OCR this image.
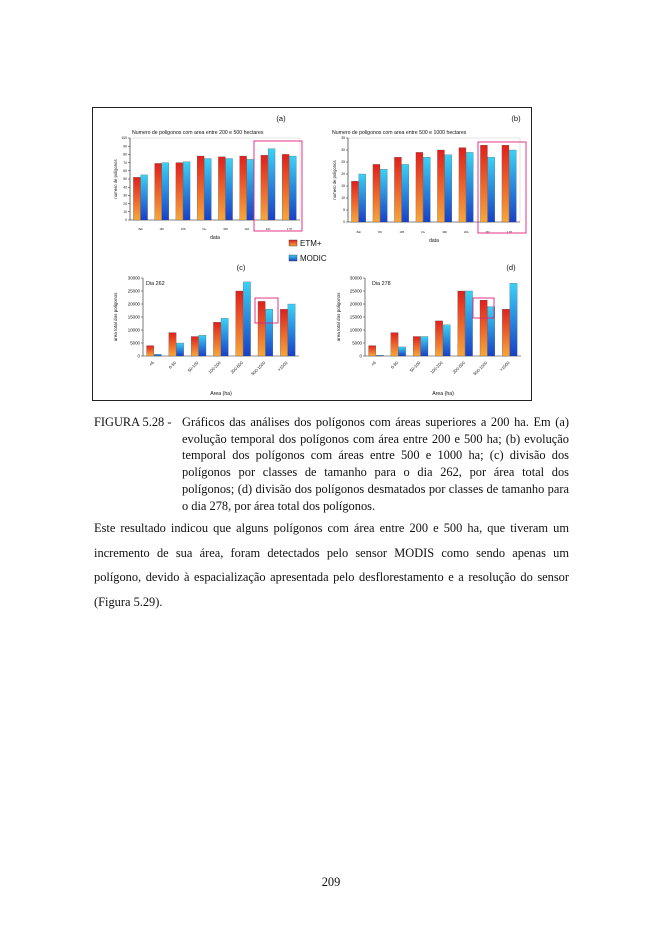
0
10
20
30
40
50
60
70
80
90
100
8ab	18C	1P8	31+	33D	29A	23C	2 78
Numero de poligonos com area entre 200 e 500 hectares
(a)
numero de poligonos
data
0
5
10
15
20
25
30
35
8ab	8IC	1P8	31+	33D	29A	23C	2 78
Numero de poligonos com area entre 500 e 1000 hectares
(b)
numero de poligonos
data
0
5000
10000
15000
20000
25000
30000
<6	6-50 50-100 100-200 200-500 500-1000 >1000
Dia 262
(c)
area total dos poligonos
Area (ha)
0
5000
10000
15000
20000
25000
30000
<6	6-50 50-100 100-200 200-500 500-1000 >1000
Dia 278
(d)
area total dos poligonos
Area (ha)
ETM+
MODIC
FIGURA 5.28 - Gráficos das análises dos polígonos com áreas superiores a 200 ha. Em (a) evolução temporal dos polígonos com área entre 200 e 500 ha; (b) evolução temporal dos polígonos com áreas entre 500 e 1000 ha; (c) divisão dos polígonos por classes de tamanho para o dia 262, por área total dos polígonos; (d) divisão dos polígonos desmatados por classes de tamanho para o dia 278, por área total dos polígonos.
Este resultado indicou que alguns polígonos com área entre 200 e 500 ha, que tiveram um incremento de sua área, foram detectados pelo sensor MODIS como sendo apenas um polígono, devido à espacialização apresentada pelo desflorestamento e a resolução do sensor (Figura 5.29).
209
